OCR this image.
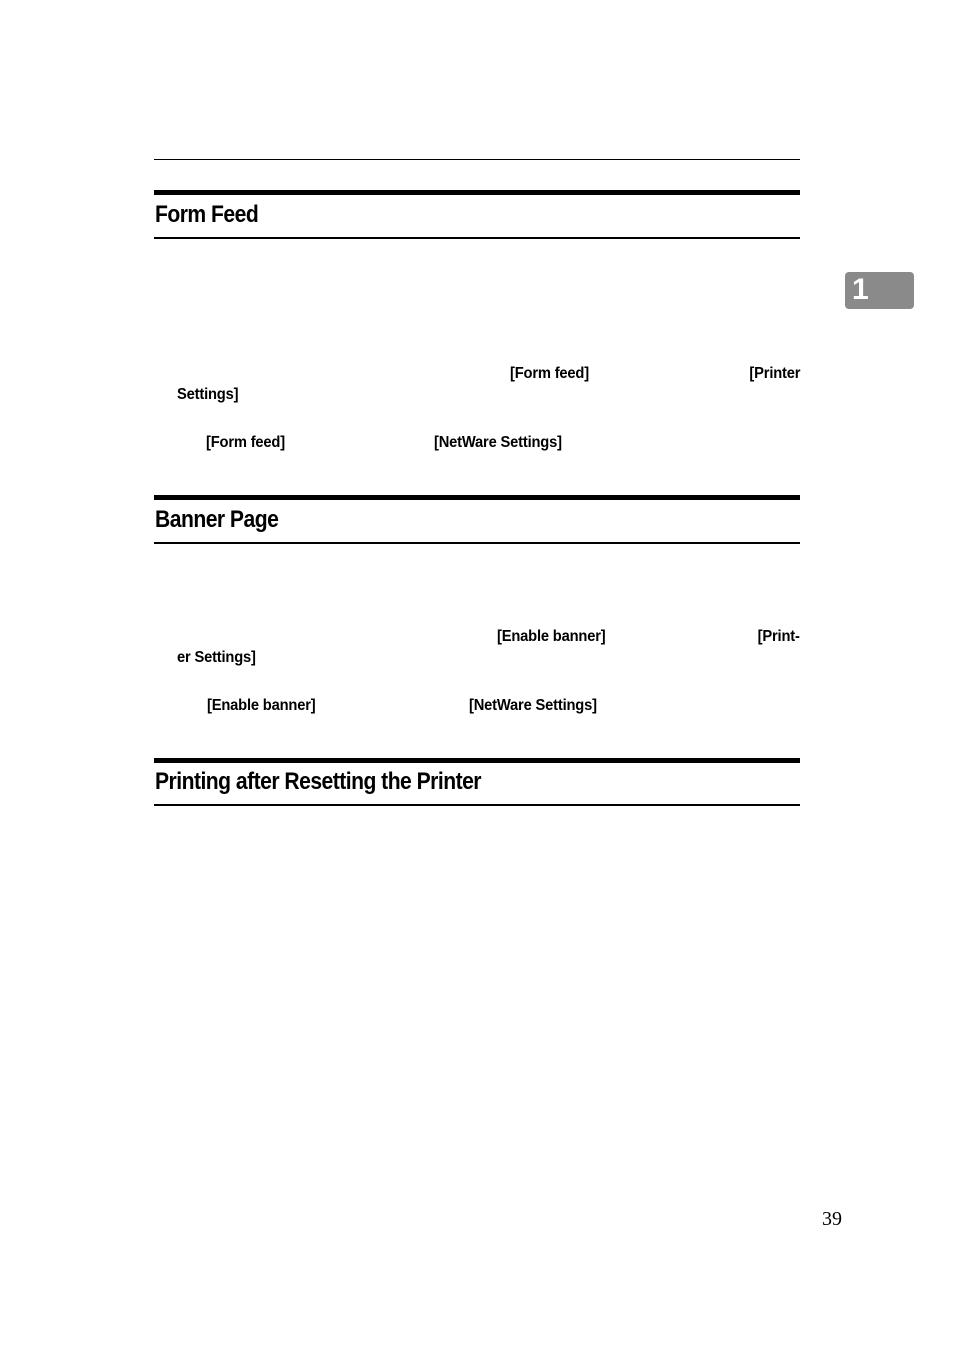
1
Form Feed
[Form feed]	[Printer
Settings]
[Form feed]	[NetWare Settings]
Banner Page
[Enable banner]	[Print-
er Settings]
[Enable banner]	[NetWare Settings]
Printing after Resetting the Printer
39
